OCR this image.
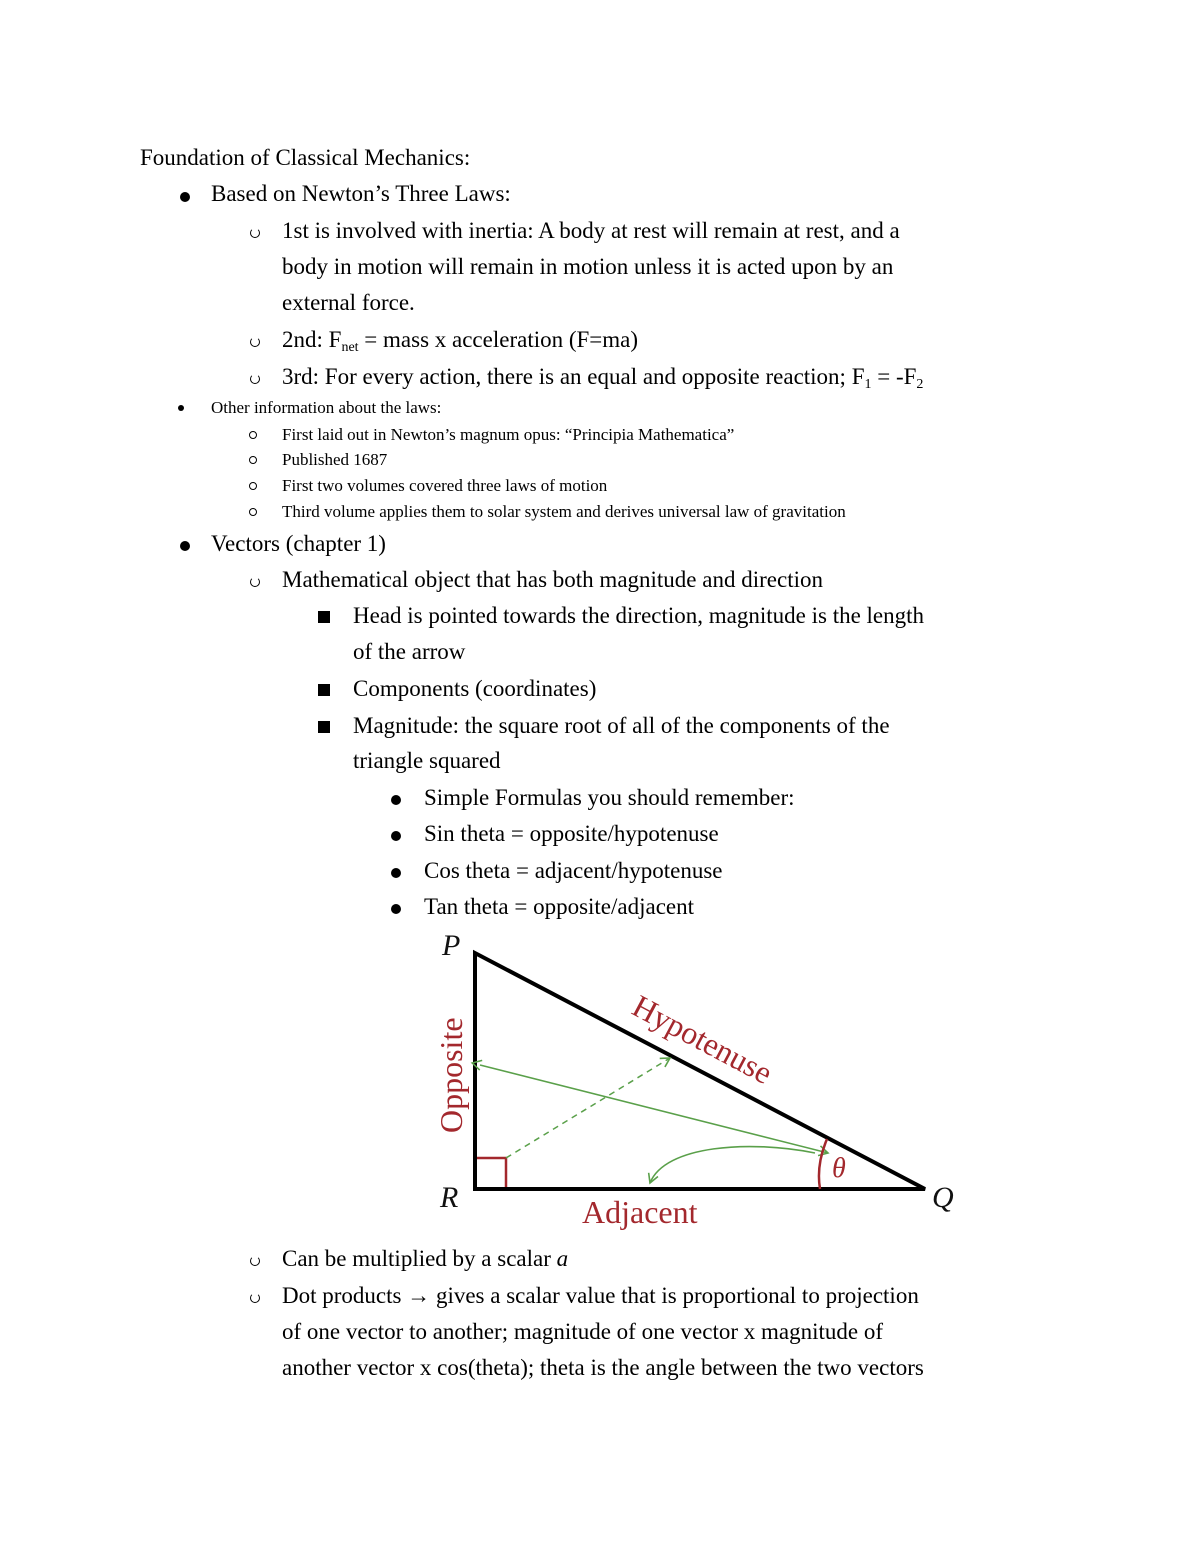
Foundation of Classical Mechanics:
Based on Newton’s Three Laws:
1st is involved with inertia: A body at rest will remain at rest, and a
body in motion will remain in motion unless it is acted upon by an
external force.
2nd: $F_{net}$ = mass x acceleration (F=ma)
3rd: For every action, there is an equal and opposite reaction; $F_1 = -F_2$
Other information about the laws:
First laid out in Newton’s magnum opus: “Principia Mathematica”
Published 1687
First two volumes covered three laws of motion
Third volume applies them to solar system and derives universal law of gravitation
Vectors (chapter 1)
Mathematical object that has both magnitude and direction
Head is pointed towards the direction, magnitude is the length
of the arrow
Components (coordinates)
Magnitude: the square root of all of the components of the
triangle squared
Simple Formulas you should remember:
Sin theta = opposite/hypotenuse
Cos theta = adjacent/hypotenuse
Tan theta = opposite/adjacent
P
R	Q
Opposite
Adjacent
Hypotenuse
θ
Can be multiplied by a scalar a
Dot products → gives a scalar value that is proportional to projection
of one vector to another; magnitude of one vector x magnitude of
another vector x cos(theta); theta is the angle between the two vectors
